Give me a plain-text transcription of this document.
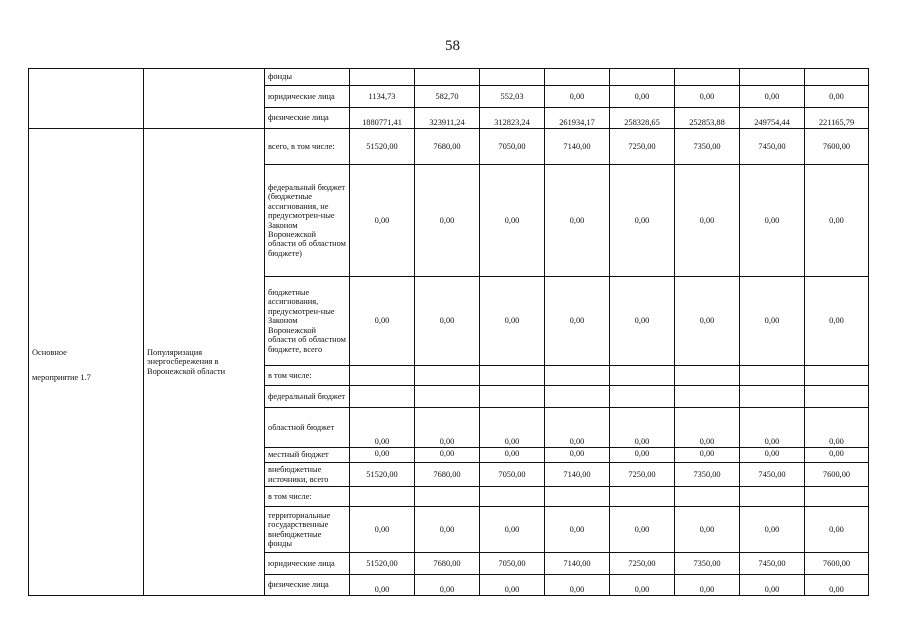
58
		фонды								
		юридические лица	1134,73	582,70	552,03	0,00	0,00	0,00	0,00	0,00
		физические лица	1880771,41	323911,24	312823,24	261934,17	258328,65	252853,88	249754,44	221165,79

Основное
мероприятие 1.7	Популяризация энергосбережения в Воронежской области	всего, в том числе:	51520,00	7680,00	7050,00	7140,00	7250,00	7350,00	7450,00	7600,00
		федеральный бюджет (бюджетные ассигнования, не предусмотрен-ные Законом Воронежской области об областном бюджете)	0,00	0,00	0,00	0,00	0,00	0,00	0,00	0,00
		бюджетные ассигнования, предусмотрен-ные Законом Воронежской области об областном бюджете, всего	0,00	0,00	0,00	0,00	0,00	0,00	0,00	0,00
		в том числе:								
		федеральный бюджет								
		областной бюджет	0,00	0,00	0,00	0,00	0,00	0,00	0,00	0,00
		местный бюджет	0,00	0,00	0,00	0,00	0,00	0,00	0,00	0,00
		внебюджетные источники, всего	51520,00	7680,00	7050,00	7140,00	7250,00	7350,00	7450,00	7600,00
		в том числе:								
		территориальные государственные внебюджетные фонды	0,00	0,00	0,00	0,00	0,00	0,00	0,00	0,00
		юридические лица	51520,00	7680,00	7050,00	7140,00	7250,00	7350,00	7450,00	7600,00
		физические лица	0,00	0,00	0,00	0,00	0,00	0,00	0,00	0,00
